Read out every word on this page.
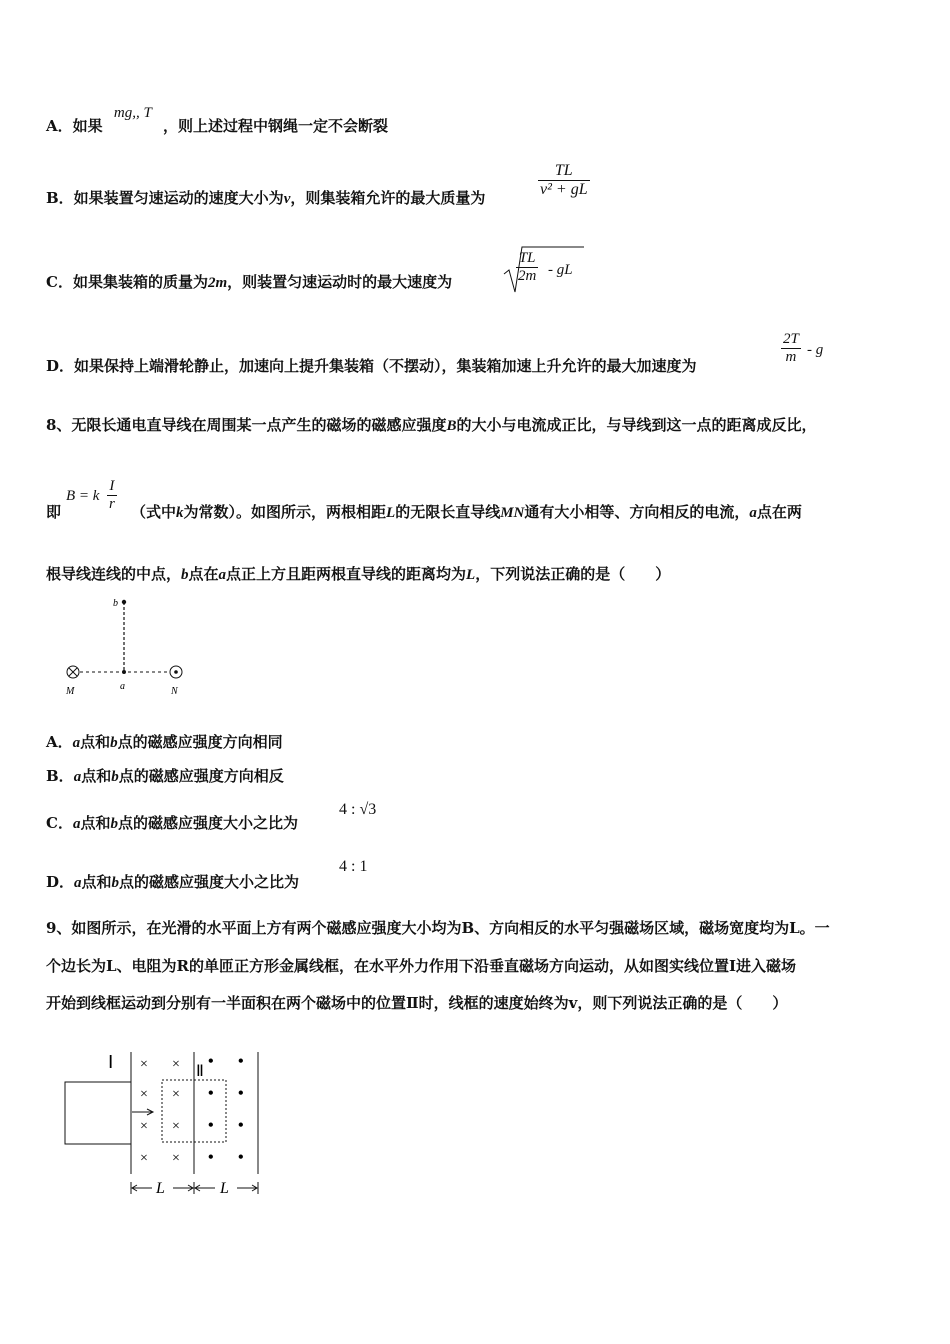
A．如果 mg,, T ，则上述过程中钢绳一定不会断裂
B．如果装置匀速运动的速度大小为v，则集装箱允许的最大质量为	$\frac{TL}{\text{v² + gL}}$
C．如果集装箱的质量为2m，则装置匀速运动时的最大速度为	$\frac{TL}{2m}$ - gL
D．如果保持上端滑轮静止，加速向上提升集装箱（不摆动），集装箱加速上升允许的最大加速度为	$\frac{2T}{m}$ - g
8、无限长通电直导线在周围某一点产生的磁场的磁感应强度B的大小与电流成正比，与导线到这一点的距离成反比，
即
B = k $\frac{I}{r}$ （式中k为常数）。如图所示，两根相距L的无限长直导线MN通有大小相等、方向相反的电流，a点在两
根导线连线的中点，b点在a点正上方且距两根直导线的距离均为L，下列说法正确的是（　　）
b
a
M	N
A．a点和b点的磁感应强度方向相同
B．a点和b点的磁感应强度方向相反
C．a点和b点的磁感应强度大小之比为
4 : √3
D．a点和b点的磁感应强度大小之比为
4 : 1
9、如图所示，在光滑的水平面上方有两个磁感应强度大小均为B、方向相反的水平匀强磁场区域，磁场宽度均为L。一
个边长为L、电阻为R的单匝正方形金属线框，在水平外力作用下沿垂直磁场方向运动，从如图实线位置Ⅰ进入磁场
开始到线框运动到分别有一半面积在两个磁场中的位置Ⅱ时，线框的速度始终为v，则下列说法正确的是（　　）
Ⅰ	Ⅱ
× ×
× ×
× ×
× ×
• •
• •
• •
• •
L	L
